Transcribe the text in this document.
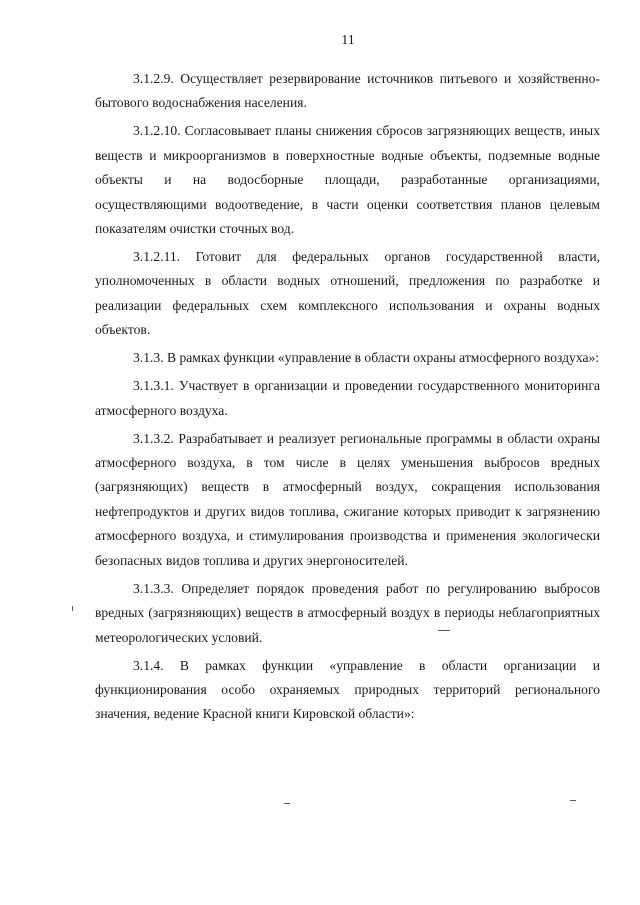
11

3.1.2.9. Осуществляет резервирование источников питьевого и хозяйственно-бытового водоснабжения населения.

3.1.2.10. Согласовывает планы снижения сбросов загрязняющих веществ, иных веществ и микроорганизмов в поверхностные водные объекты, подземные водные объекты и на водосборные площади, разработанные организациями, осуществляющими водоотведение, в части оценки соответствия планов целевым показателям очистки сточных вод.

3.1.2.11. Готовит для федеральных органов государственной власти, уполномоченных в области водных отношений, предложения по разработке и реализации федеральных схем комплексного использования и охраны водных объектов.

3.1.3. В рамках функции «управление в области охраны атмосферного воздуха»:

3.1.3.1. Участвует в организации и проведении государственного мониторинга атмосферного воздуха.

3.1.3.2. Разрабатывает и реализует региональные программы в области охраны атмосферного воздуха, в том числе в целях уменьшения выбросов вредных (загрязняющих) веществ в атмосферный воздух, сокращения использования нефтепродуктов и других видов топлива, сжигание которых приводит к загрязнению атмосферного воздуха, и стимулирования производства и применения экологически безопасных видов топлива и других энергоносителей.

3.1.3.3. Определяет порядок проведения работ по регулированию выбросов вредных (загрязняющих) веществ в атмосферный воздух в периоды неблагоприятных метеорологических условий.

3.1.4. В рамках функции «управление в области организации и функционирования особо охраняемых природных территорий регионального значения, ведение Красной книги Кировской области»:
